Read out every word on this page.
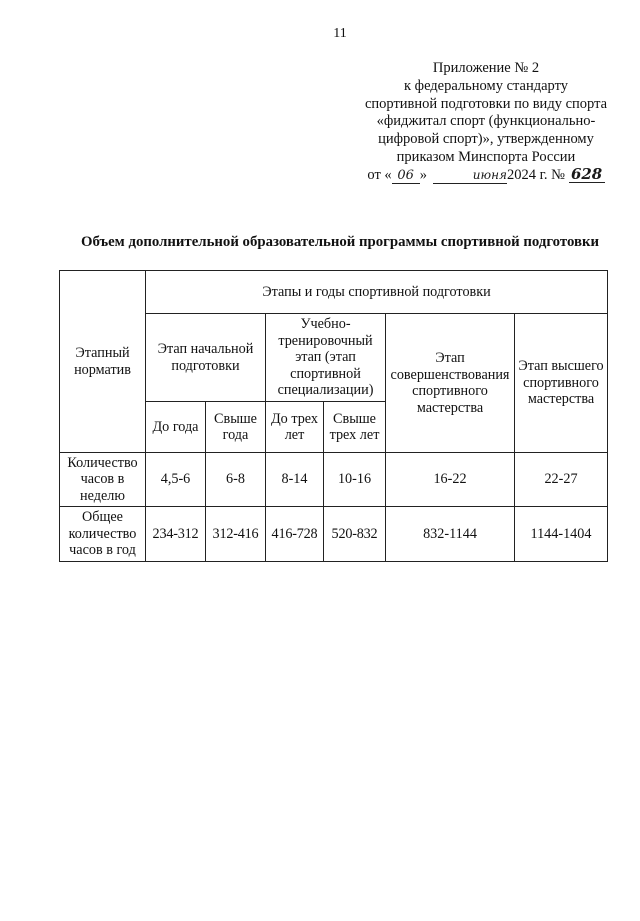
11
Приложение № 2
к федеральному стандарту
спортивной подготовки по виду спорта
«фиджитал спорт (функционально-
цифровой спорт)», утвержденному
приказом Минспорта России
от « 06 »	июня2024 г. № 628
Объем дополнительной образовательной программы спортивной подготовки
Этапный норматив	Этапы и годы спортивной подготовки					
	Этап начальной подготовки		Учебно-тренировочный этап (этап спортивной специализации)		Этап совершенствования спортивного мастерства	Этап высшего спортивного мастерства
	До года	Свыше года	До трех лет	Свыше трех лет		
Количество часов в неделю	4,5-6	6-8	8-14	10-16	16-22	22-27
Общее количество часов в год	234-312	312-416	416-728	520-832	832-1144	1144-1404
